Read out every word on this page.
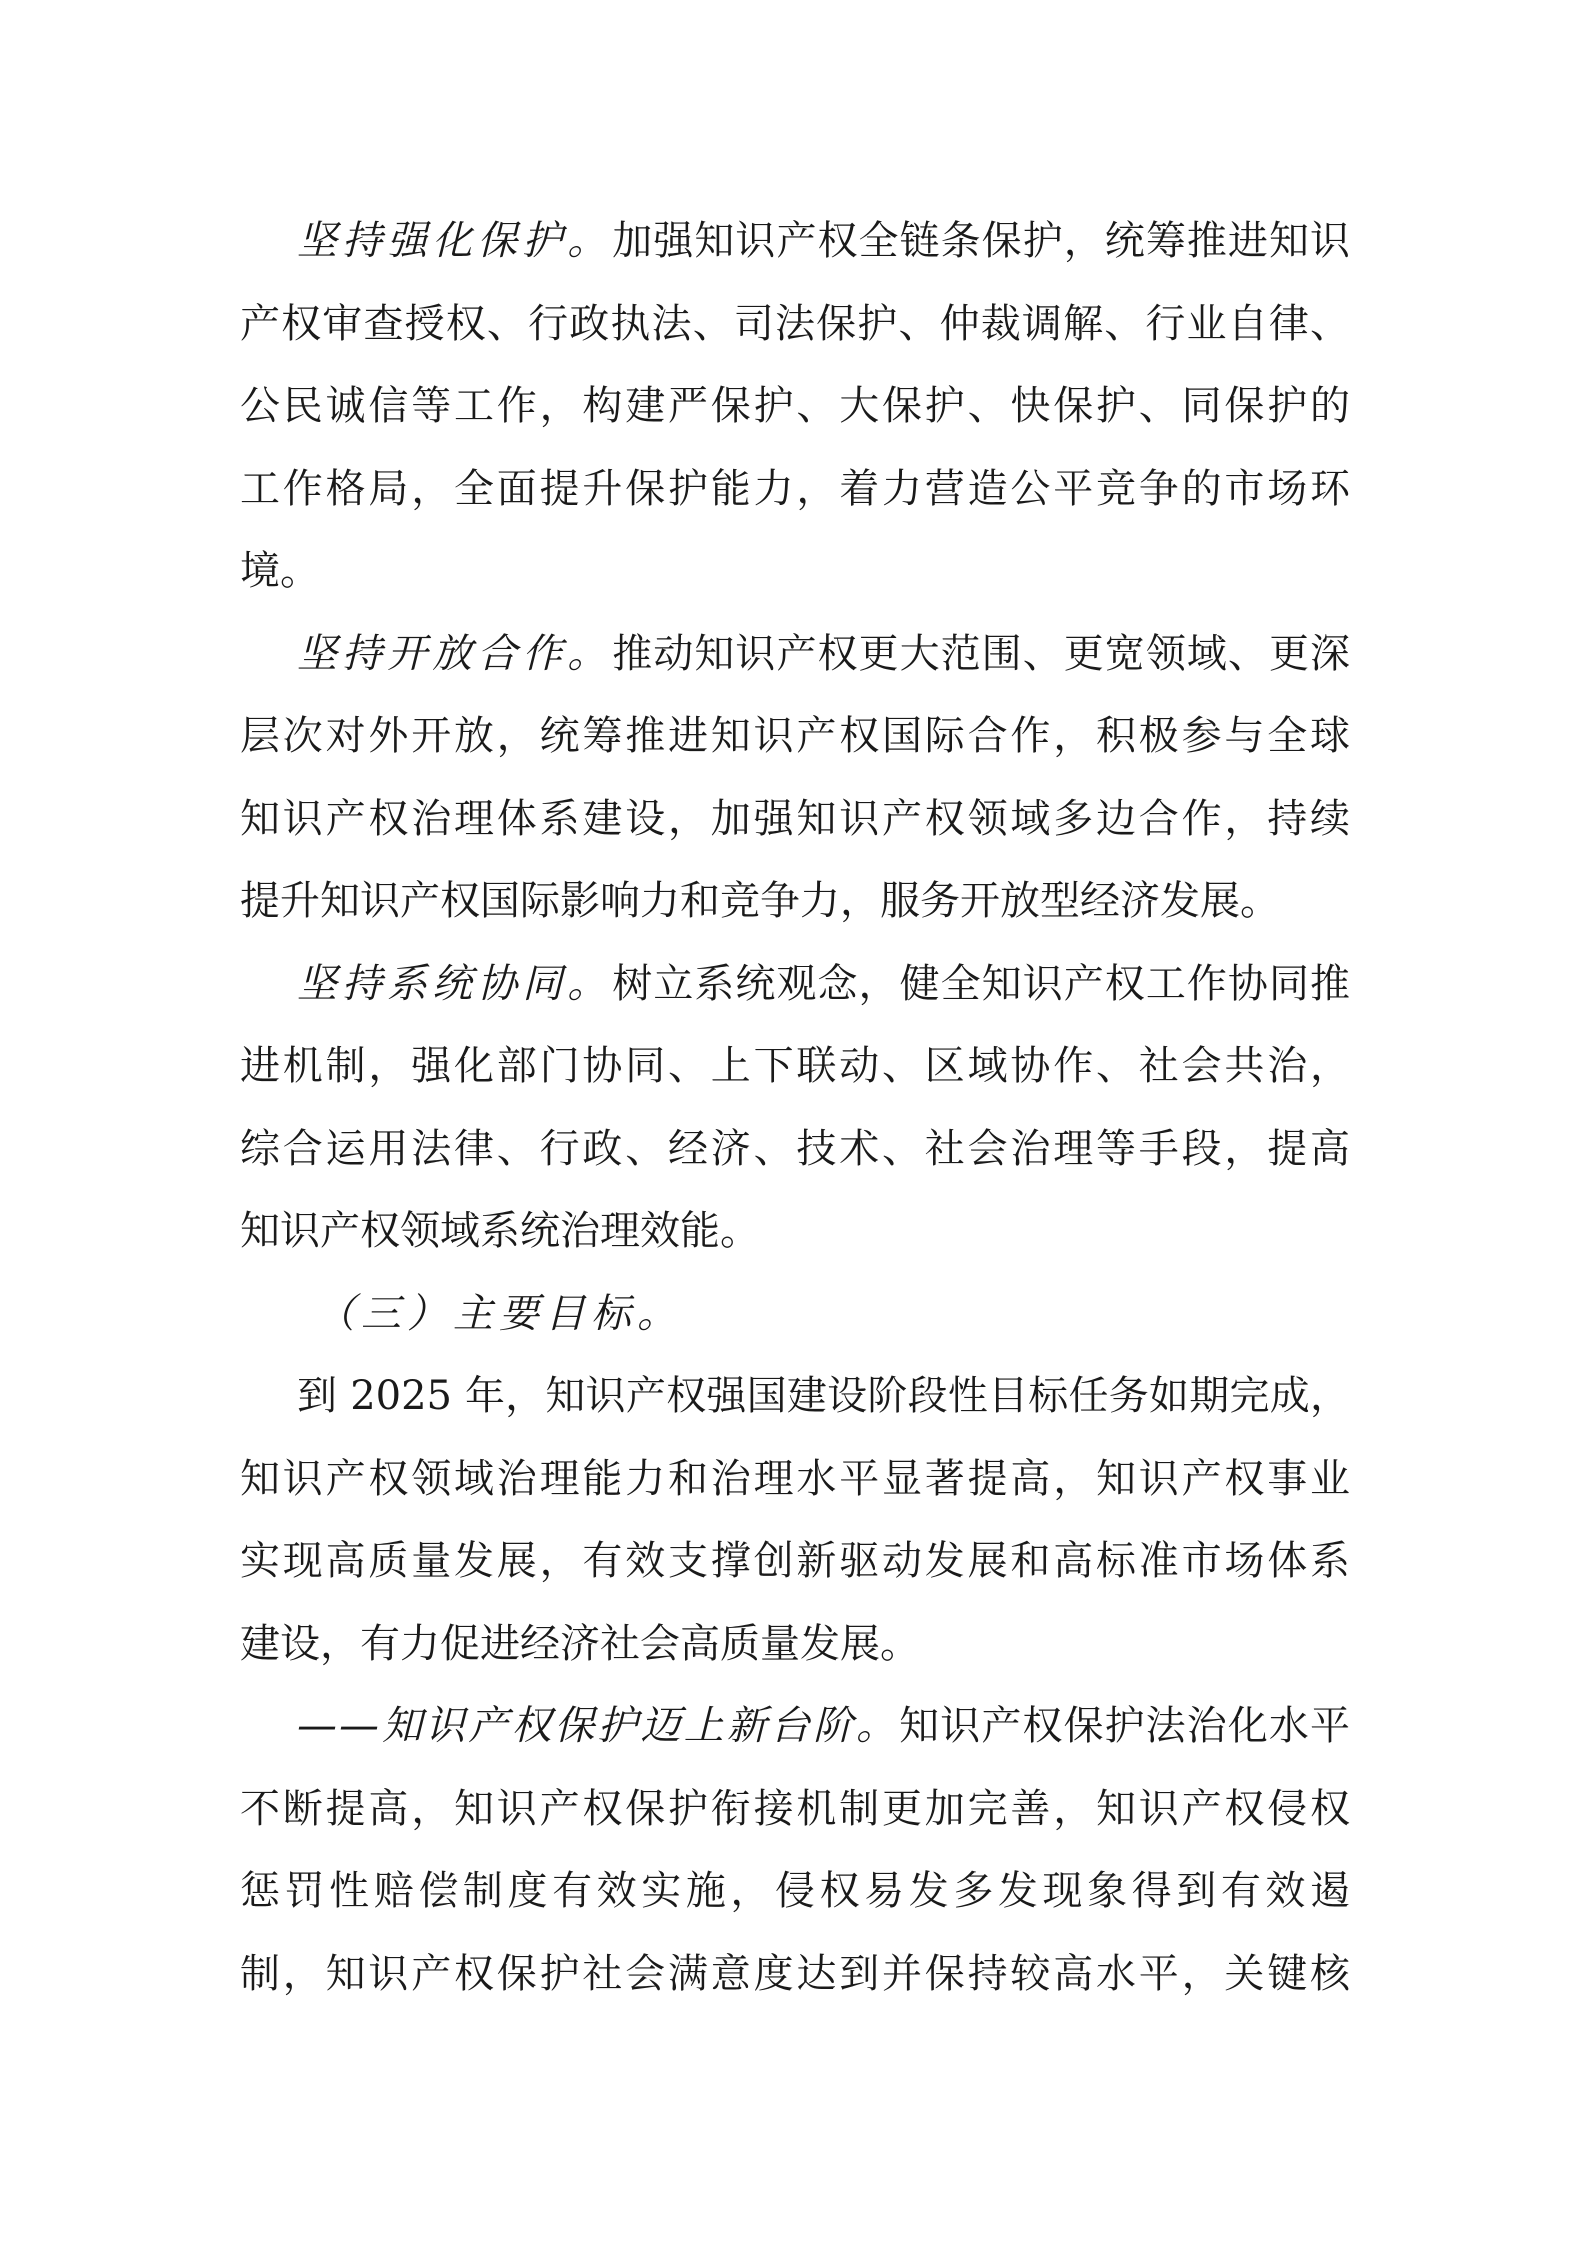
坚持强化保护。加强知识产权全链条保护，统筹推进知识
产权审查授权、行政执法、司法保护、仲裁调解、行业自律、
公民诚信等工作，构建严保护、大保护、快保护、同保护的
工作格局，全面提升保护能力，着力营造公平竞争的市场环
境。
坚持开放合作。推动知识产权更大范围、更宽领域、更深
层次对外开放，统筹推进知识产权国际合作，积极参与全球
知识产权治理体系建设，加强知识产权领域多边合作，持续
提升知识产权国际影响力和竞争力，服务开放型经济发展。
坚持系统协同。树立系统观念，健全知识产权工作协同推
进机制，强化部门协同、上下联动、区域协作、社会共治，
综合运用法律、行政、经济、技术、社会治理等手段，提高
知识产权领域系统治理效能。
（三）主要目标。
到 2025 年，知识产权强国建设阶段性目标任务如期完成，
知识产权领域治理能力和治理水平显著提高，知识产权事业
实现高质量发展，有效支撑创新驱动发展和高标准市场体系
建设，有力促进经济社会高质量发展。
——知识产权保护迈上新台阶。知识产权保护法治化水平
不断提高，知识产权保护衔接机制更加完善，知识产权侵权
惩罚性赔偿制度有效实施，侵权易发多发现象得到有效遏
制，知识产权保护社会满意度达到并保持较高水平，关键核
